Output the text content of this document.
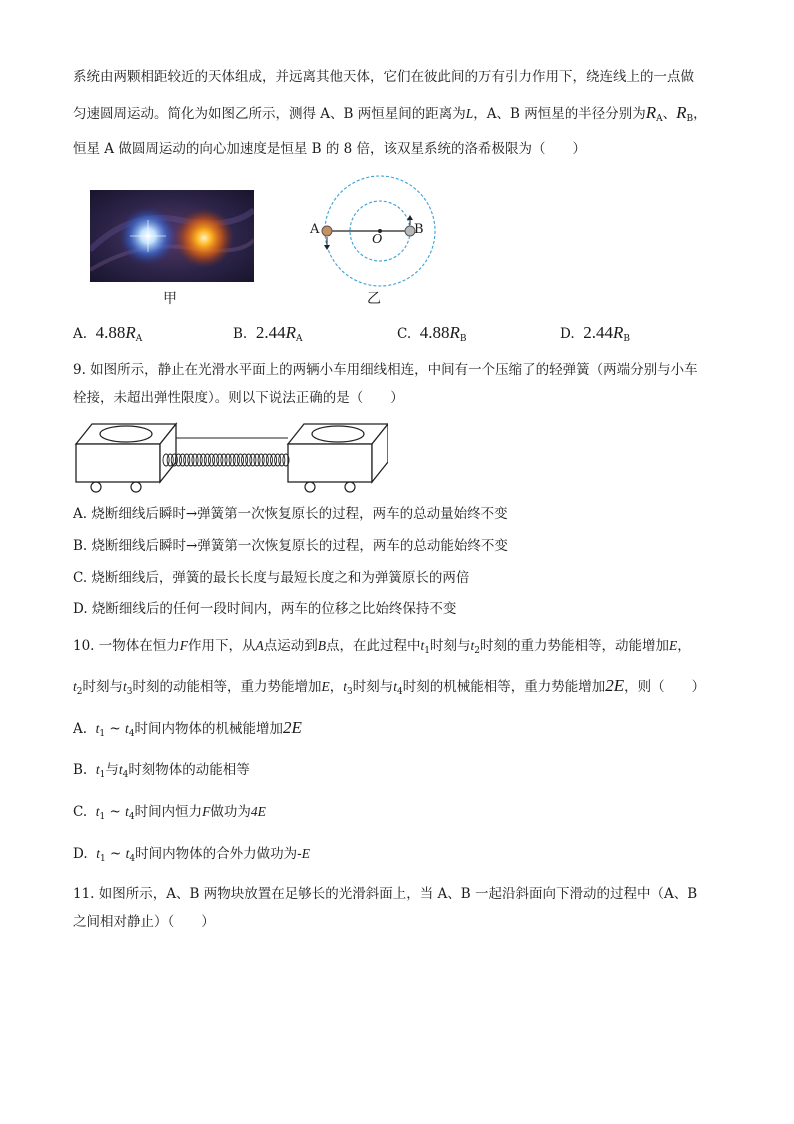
系统由两颗相距较近的天体组成，并远离其他天体，它们在彼此间的万有引力作用下，绕连线上的一点做
匀速圆周运动。简化为如图乙所示，测得 A、B 两恒星间的距离为L，A、B 两恒星的半径分别为$R_A$、$R_B$，
恒星 A 做圆周运动的向心加速度是恒星 B 的 8 倍，该双星系统的洛希极限为（　　）
甲
A	B
O
乙
A. $4.88R_A$	B. $2.44R_A$	C. $4.88R_B$	D. $2.44R_B$
9. 如图所示，静止在光滑水平面上的两辆小车用细线相连，中间有一个压缩了的轻弹簧（两端分别与小车
栓接，未超出弹性限度）。则以下说法正确的是（　　）
A. 烧断细线后瞬时→弹簧第一次恢复原长的过程，两车的总动量始终不变
B. 烧断细线后瞬时→弹簧第一次恢复原长的过程，两车的总动能始终不变
C. 烧断细线后，弹簧的最长长度与最短长度之和为弹簧原长的两倍
D. 烧断细线后的任何一段时间内，两车的位移之比始终保持不变
10. 一物体在恒力F作用下，从A点运动到B点，在此过程中$t_1$时刻与$t_2$时刻的重力势能相等，动能增加E，
$t_2$时刻与$t_3$时刻的动能相等，重力势能增加E，$t_3$时刻与$t_4$时刻的机械能相等，重力势能增加2E，则（　　）
A. $t_1$ ~ $t_4$时间内物体的机械能增加2E
B. $t_1$与$t_4$时刻物体的动能相等
C. $t_1$ ~ $t_4$时间内恒力F做功为4E
D. $t_1$ ~ $t_4$时间内物体的合外力做功为-E
11. 如图所示，A、B 两物块放置在足够长的光滑斜面上，当 A、B 一起沿斜面向下滑动的过程中（A、B
之间相对静止）（　　）
